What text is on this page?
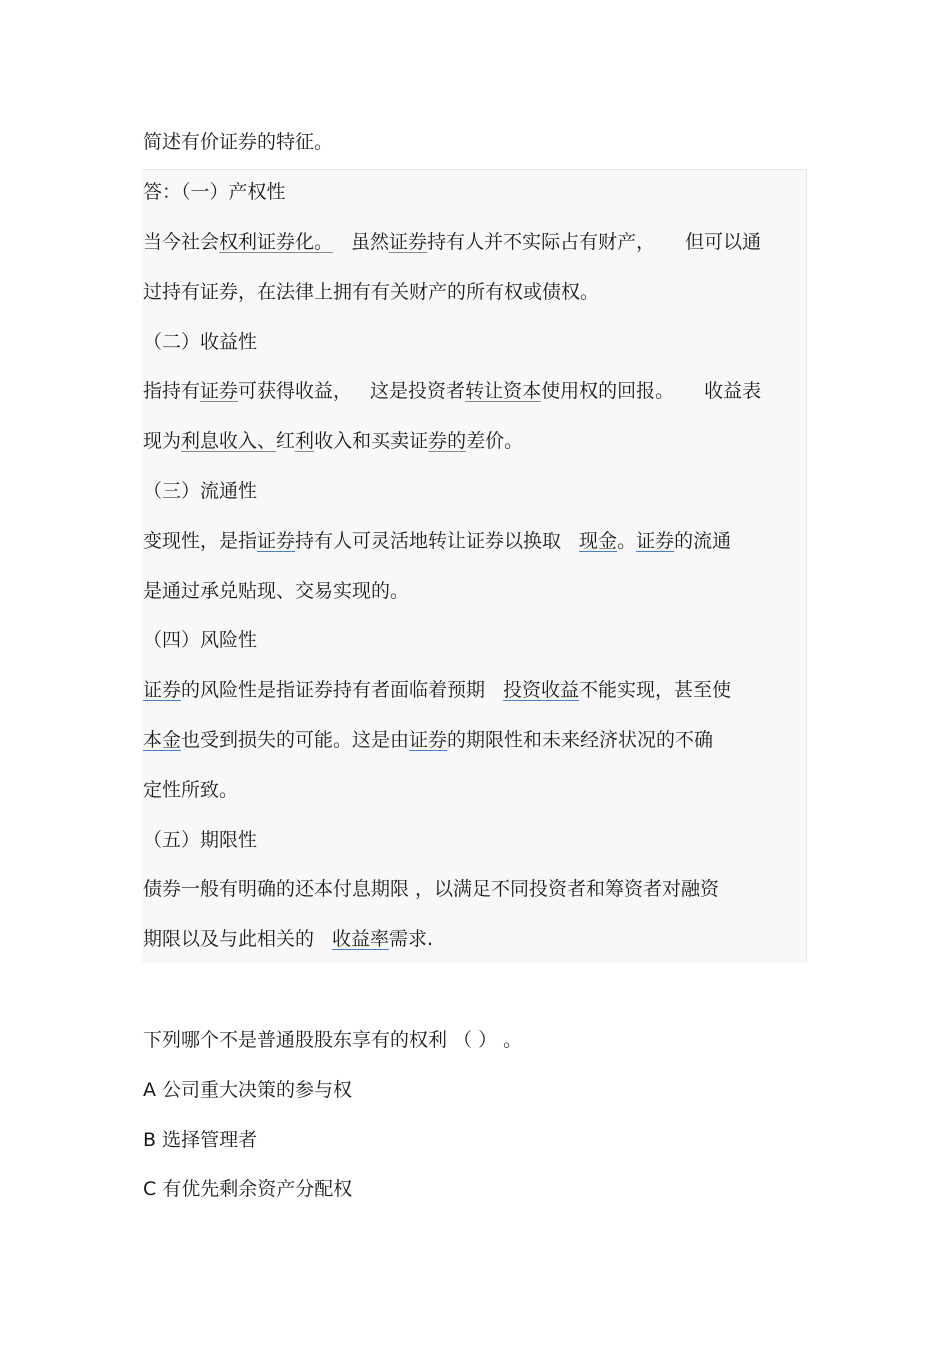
简述有价证券的特征。
答：（一）产权性
当今社会权利证券化。 虽然证券持有人并不实际占有财产， 但可以通
过持有证券，在法律上拥有有关财产的所有权或债权。
（二）收益性
指持有证券可获得收益， 这是投资者转让资本使用权的回报。 收益表
现为利息收入、红利收入和买卖证券的差价。
（三）流通性
变现性，是指证券持有人可灵活地转让证券以换取 现金。证券的流通
是通过承兑贴现、交易实现的。
（四）风险性
证券的风险性是指证券持有者面临着预期 投资收益不能实现，甚至使
本金也受到损失的可能。这是由证券的期限性和未来经济状况的不确
定性所致。
（五）期限性
债券一般有明确的还本付息期限 ，以满足不同投资者和筹资者对融资
期限以及与此相关的 收益率需求.
下列哪个不是普通股股东享有的权利 （ ） 。
A 公司重大决策的参与权
B 选择管理者
C 有优先剩余资产分配权
